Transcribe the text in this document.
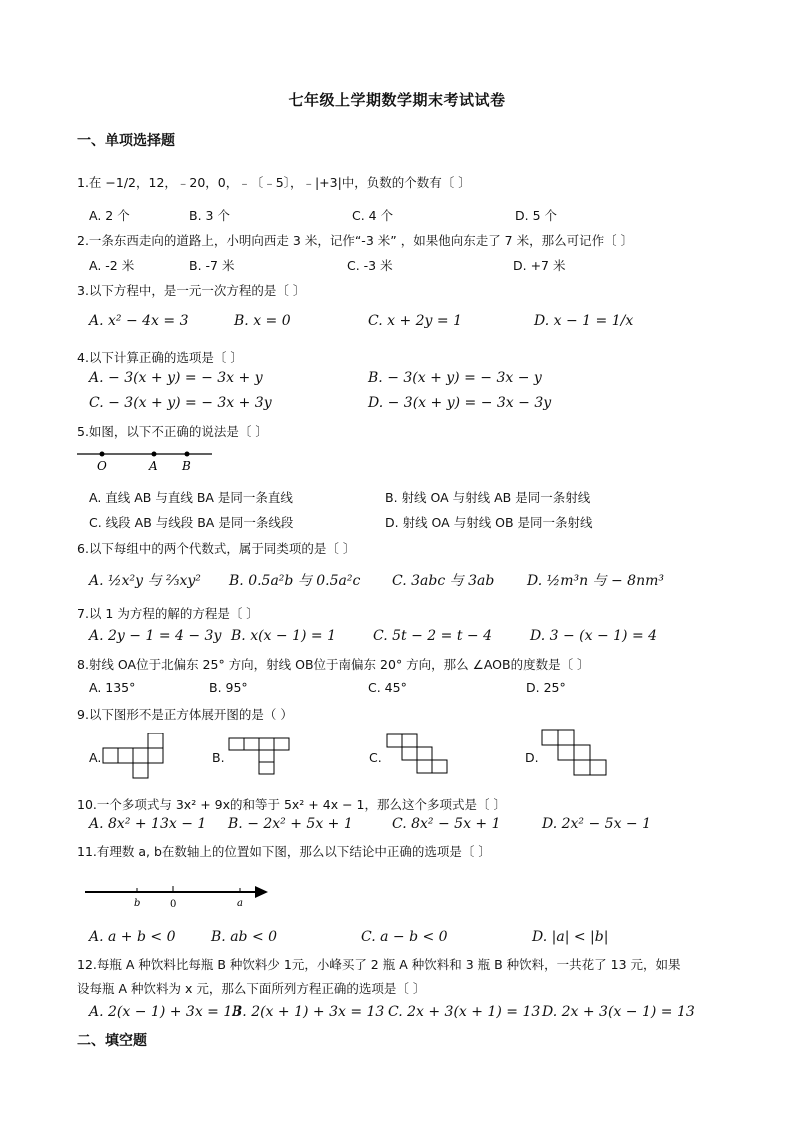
七年级上学期数学期末考试试卷
一、单项选择题
1.在 −1/2，12，﹣20，0，﹣〔﹣5〕，﹣|+3|中，负数的个数有〔 〕
A. 2 个	B. 3 个	C. 4 个	D. 5 个
2.一条东西走向的道路上，小明向西走 3 米，记作“-3 米” ，如果他向东走了 7 米，那么可记作〔 〕
A. -2 米	B. -7 米	C. -3 米	D. +7 米
3.以下方程中，是一元一次方程的是〔 〕
A. x² − 4x = 3	B. x = 0	C. x + 2y = 1	D. x − 1 = 1/x
4.以下计算正确的选项是〔 〕
A. − 3(x + y) = − 3x + y	B. − 3(x + y) = − 3x − y
C. − 3(x + y) = − 3x + 3y	D. − 3(x + y) = − 3x − 3y
5.如图，以下不正确的说法是〔 〕
O	A B
A. 直线 AB 与直线 BA 是同一条直线	B. 射线 OA 与射线 AB 是同一条射线
C. 线段 AB 与线段 BA 是同一条线段	D. 射线 OA 与射线 OB 是同一条射线
6.以下每组中的两个代数式，属于同类项的是〔 〕
A. ½x²y 与 ⅔xy² B. 0.5a²b 与 0.5a²c C. 3abc 与 3ab D. ½m³n 与 − 8nm³
7.以 1 为方程的解的方程是〔 〕
A. 2y − 1 = 4 − 3y B. x(x − 1) = 1	C. 5t − 2 = t − 4	D. 3 − (x − 1) = 4
8.射线 OA位于北偏东 25° 方向，射线 OB位于南偏东 20° 方向，那么 ∠AOB的度数是〔 〕
A. 135°	B. 95°	C. 45°	D. 25°
9.以下图形不是正方体展开图的是（ ）
A.	B.	C.	D.
10.一个多项式与 3x² + 9x的和等于 5x² + 4x − 1，那么这个多项式是〔 〕
A. 8x² + 13x − 1 B. − 2x² + 5x + 1	C. 8x² − 5x + 1	D. 2x² − 5x − 1
11.有理数 a, b在数轴上的位置如下图，那么以下结论中正确的选项是〔 〕
b	0	a
A. a + b < 0	B. ab < 0	C. a − b < 0	D. |a| < |b|
12.每瓶 A 种饮料比每瓶 B 种饮料少 1元，小峰买了 2 瓶 A 种饮料和 3 瓶 B 种饮料，一共花了 13 元，如果
设每瓶 A 种饮料为 x 元，那么下面所列方程正确的选项是〔 〕
A. 2(x − 1) + 3x = 13
B. 2(x + 1) + 3x = 13 C. 2x + 3(x + 1) = 13 D. 2x + 3(x − 1) = 13
二、填空题
